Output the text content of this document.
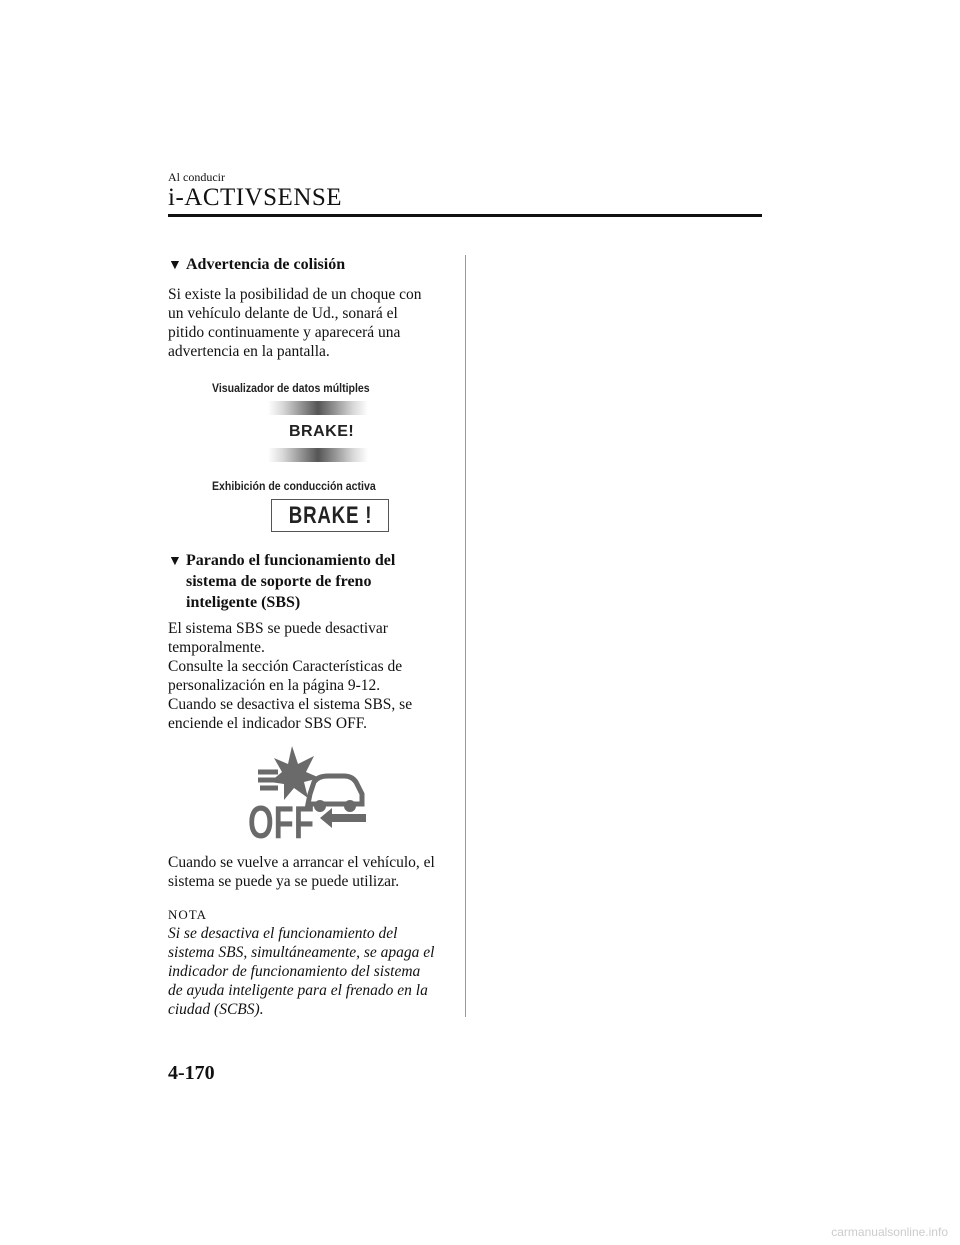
Al conducir
i-ACTIVSENSE
▼ Advertencia de colisión
Si existe la posibilidad de un choque con
un vehículo delante de Ud., sonará el
pitido continuamente y aparecerá una
advertencia en la pantalla.
Visualizador de datos múltiples
BRAKE!
Exhibición de conducción activa
BRAKE !
▼ Parando el funcionamiento del
sistema de soporte de freno
inteligente (SBS)
El sistema SBS se puede desactivar
temporalmente.
Consulte la sección Características de
personalización en la página 9-12.
Cuando se desactiva el sistema SBS, se
enciende el indicador SBS OFF.
OFF
Cuando se vuelve a arrancar el vehículo, el
sistema se puede ya se puede utilizar.
NOTA
Si se desactiva el funcionamiento del
sistema SBS, simultáneamente, se apaga el
indicador de funcionamiento del sistema
de ayuda inteligente para el frenado en la
ciudad (SCBS).
4-170
carmanualsonline.info
